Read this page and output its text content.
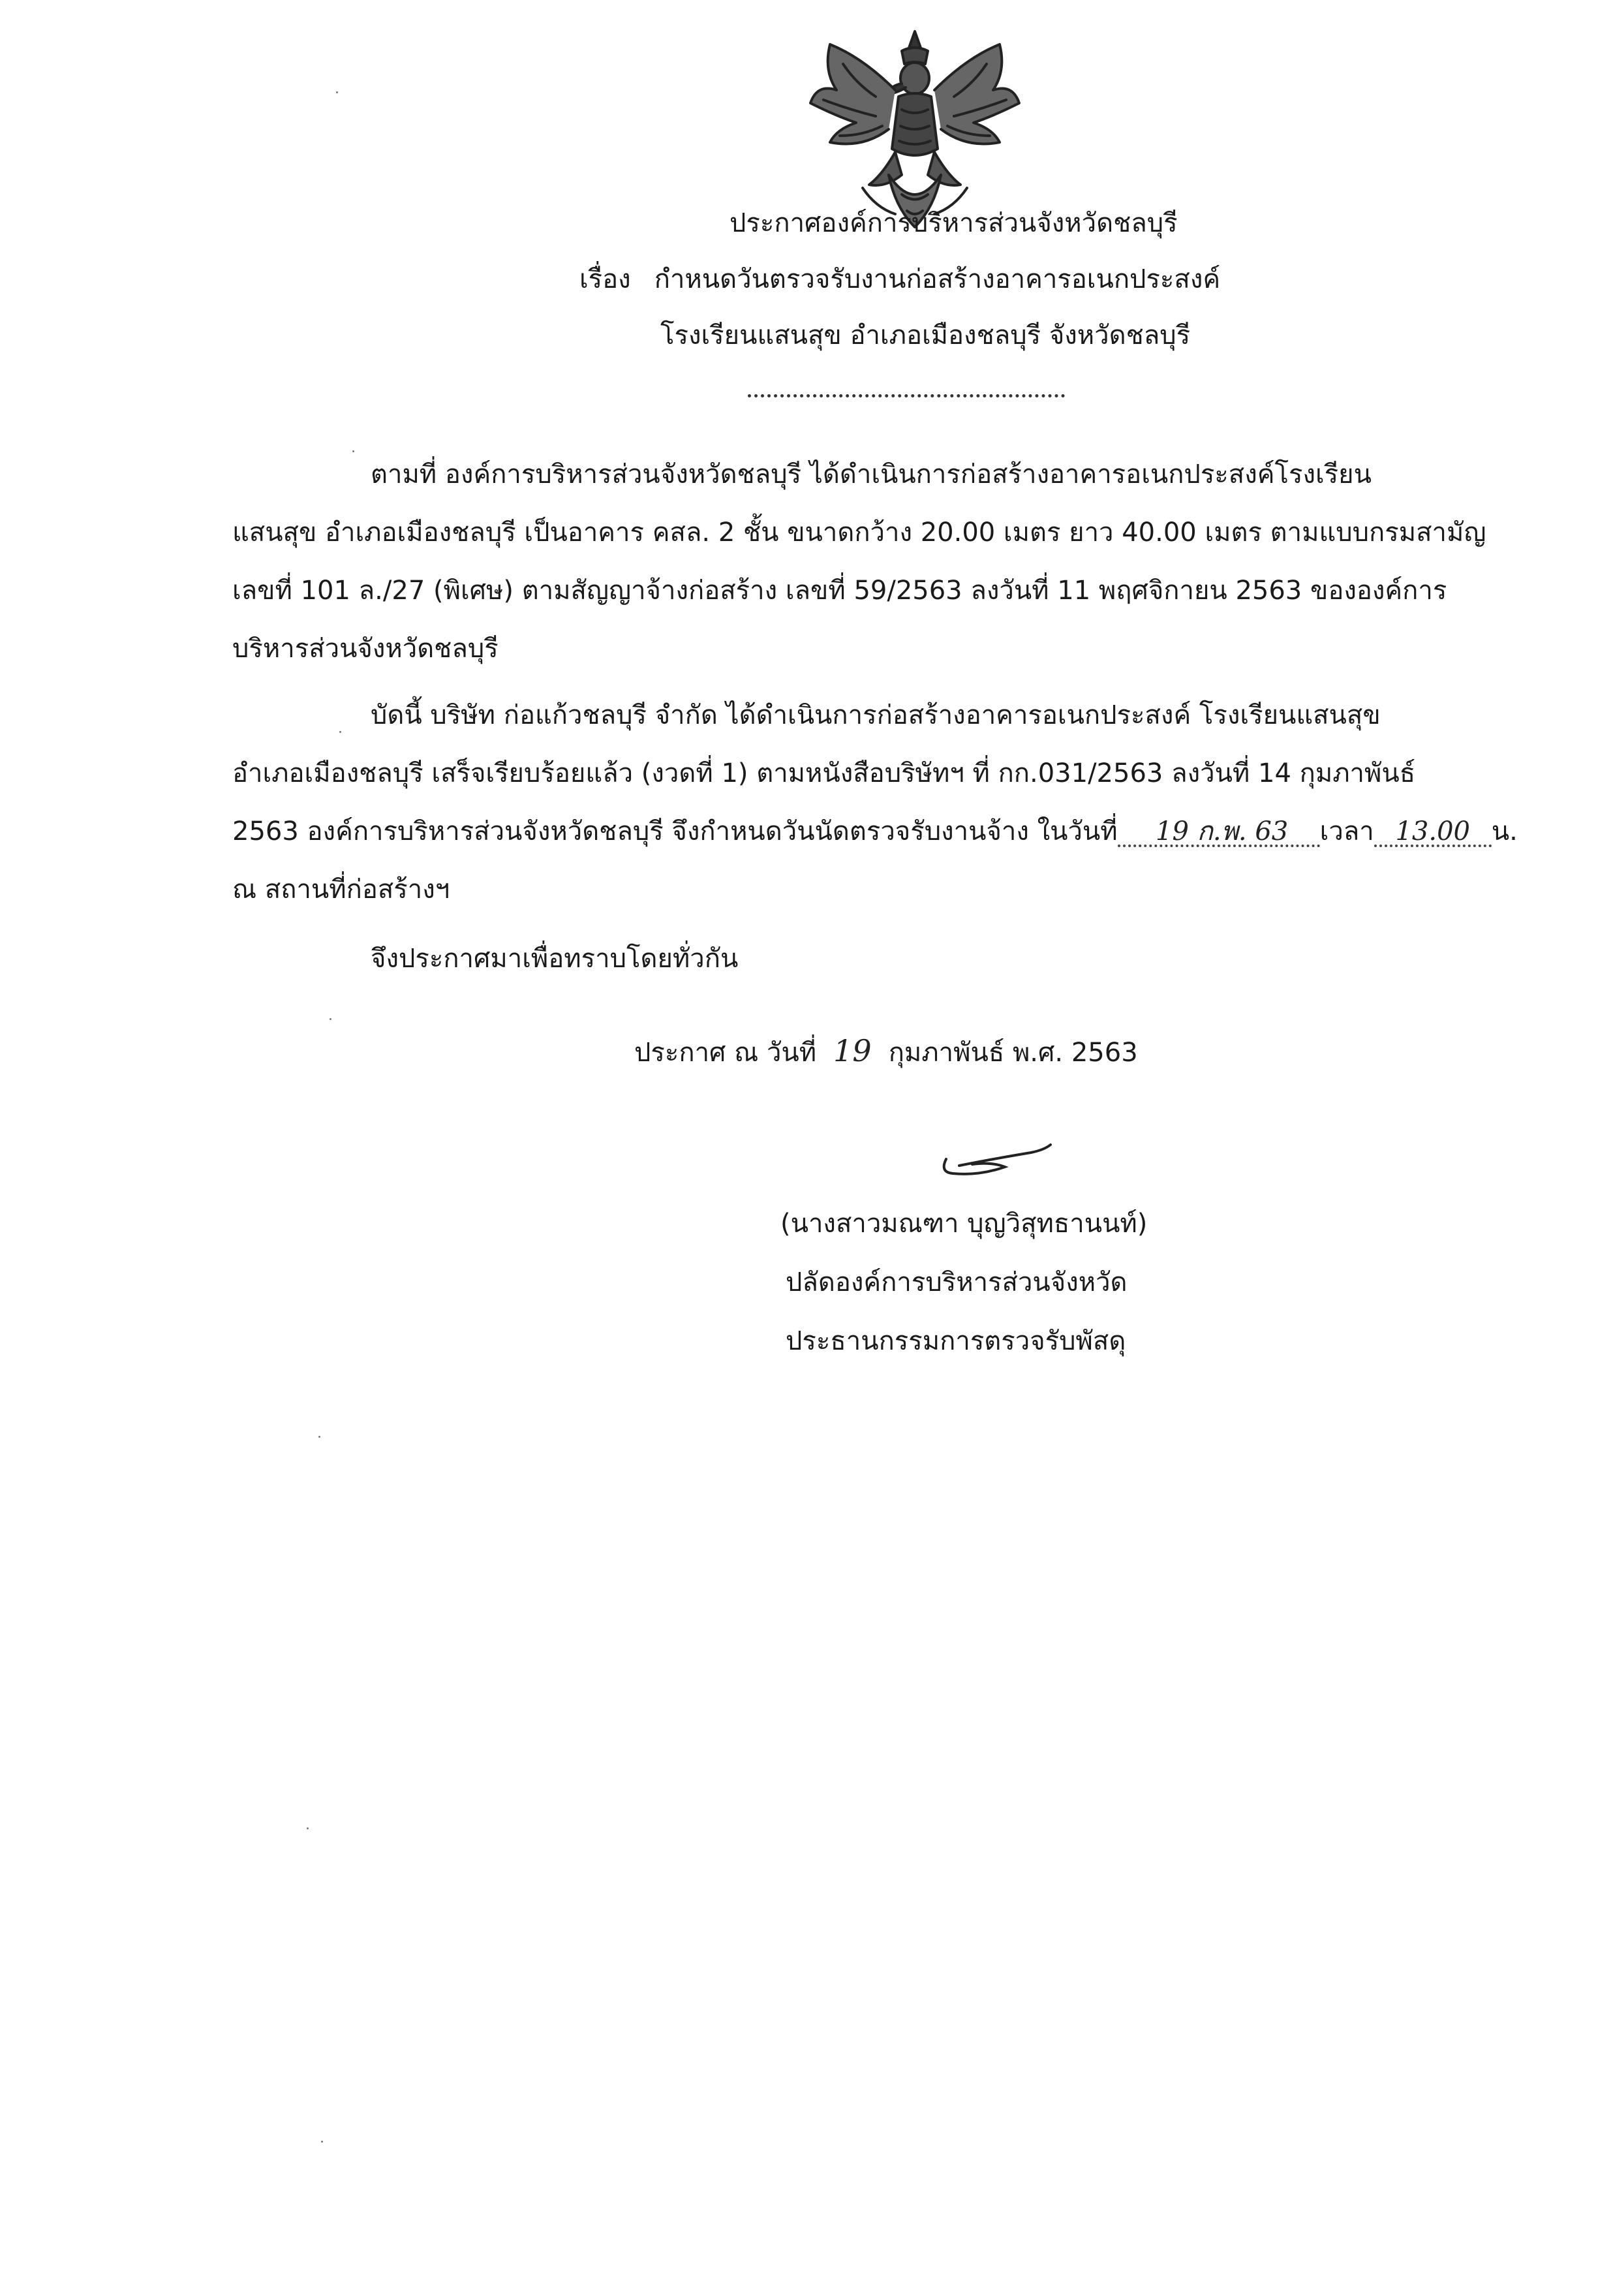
ประกาศองค์การบริหารส่วนจังหวัดชลบุรี
เรื่อง กำหนดวันตรวจรับงานก่อสร้างอาคารอเนกประสงค์
โรงเรียนแสนสุข อำเภอเมืองชลบุรี จังหวัดชลบุรี
ตามที่ องค์การบริหารส่วนจังหวัดชลบุรี ได้ดำเนินการก่อสร้างอาคารอเนกประสงค์โรงเรียน
แสนสุข อำเภอเมืองชลบุรี เป็นอาคาร คสล. 2 ชั้น ขนาดกว้าง 20.00 เมตร ยาว 40.00 เมตร ตามแบบกรมสามัญ
เลขที่ 101 ล./27 (พิเศษ) ตามสัญญาจ้างก่อสร้าง เลขที่ 59/2563 ลงวันที่ 11 พฤศจิกายน 2563 ขององค์การ
บริหารส่วนจังหวัดชลบุรี
บัดนี้ บริษัท ก่อแก้วชลบุรี จำกัด ได้ดำเนินการก่อสร้างอาคารอเนกประสงค์ โรงเรียนแสนสุข
อำเภอเมืองชลบุรี เสร็จเรียบร้อยแล้ว (งวดที่ 1) ตามหนังสือบริษัทฯ ที่ กก.031/2563 ลงวันที่ 14 กุมภาพันธ์
2563 องค์การบริหารส่วนจังหวัดชลบุรี จึงกำหนดวันนัดตรวจรับงานจ้าง ในวันที่ 19 ก.พ. 63 เวลา 13.00 น.
ณ สถานที่ก่อสร้างฯ
จึงประกาศมาเพื่อทราบโดยทั่วกัน
ประกาศ ณ วันที่ 19 กุมภาพันธ์ พ.ศ. 2563
(นางสาวมณฑา บุญวิสุทธานนท์)
ปลัดองค์การบริหารส่วนจังหวัด
ประธานกรรมการตรวจรับพัสดุ
